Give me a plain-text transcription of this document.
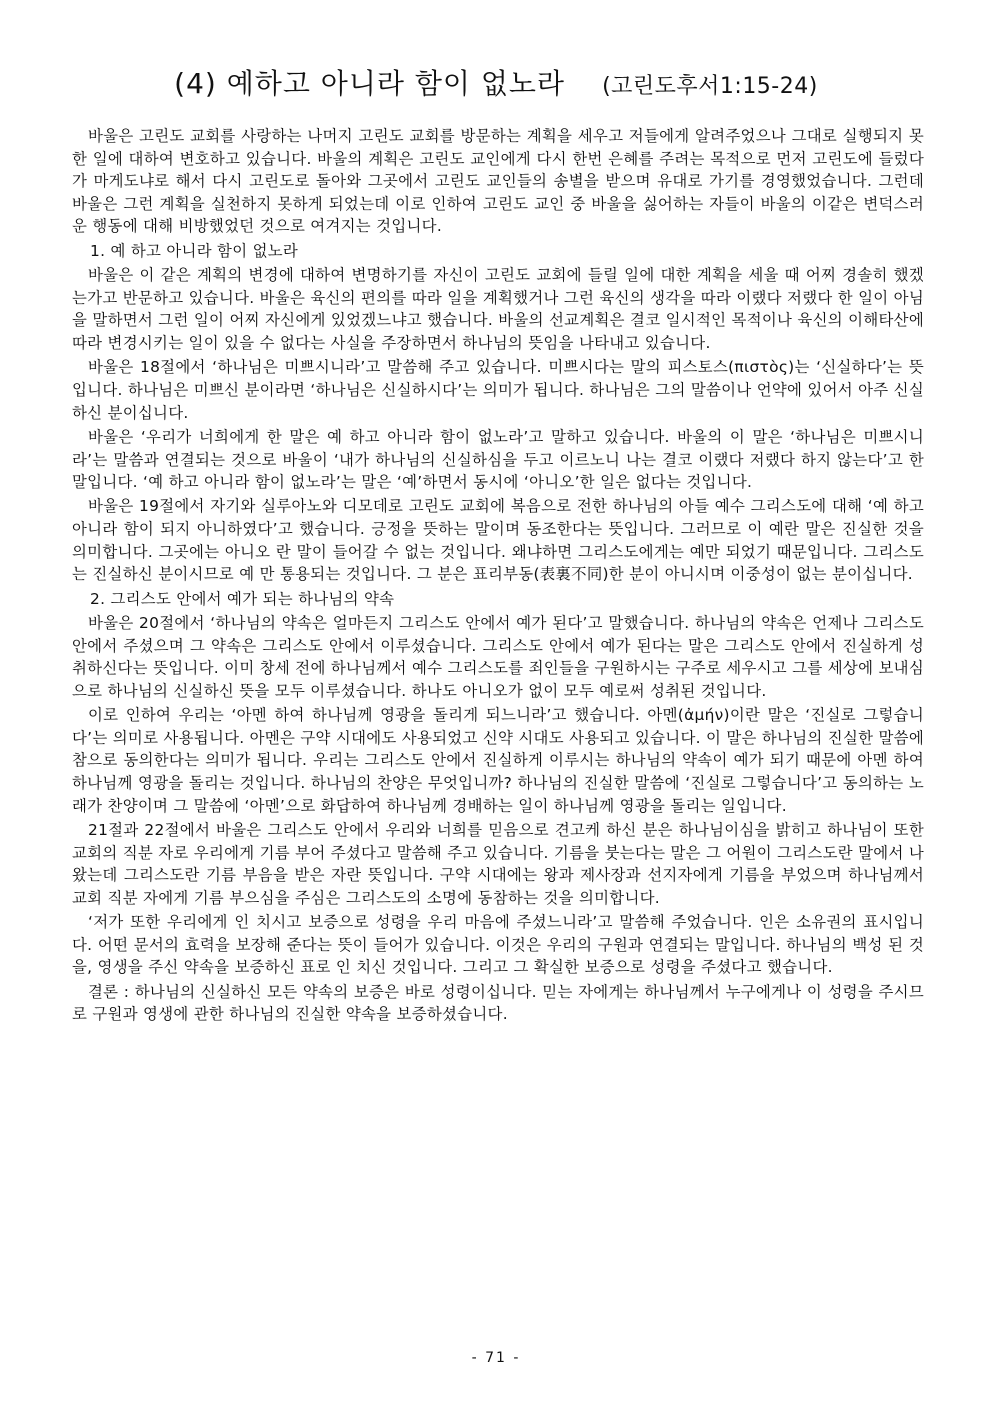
(4) 예하고 아니라 함이 없노라 (고린도후서1:15-24)

바울은 고린도 교회를 사랑하는 나머지 고린도 교회를 방문하는 계획을 세우고 저들에게 알려주었으나 그대로 실행되지 못한 일에 대하여 변호하고 있습니다. 바울의 계획은 고린도 교인에게 다시 한번 은혜를 주려는 목적으로 먼저 고린도에 들렀다가 마게도냐로 해서 다시 고린도로 돌아와 그곳에서 고린도 교인들의 송별을 받으며 유대로 가기를 경영했었습니다. 그런데 바울은 그런 계획을 실천하지 못하게 되었는데 이로 인하여 고린도 교인 중 바울을 싫어하는 자들이 바울의 이같은 변덕스러운 행동에 대해 비방했었던 것으로 여겨지는 것입니다.

1. 예 하고 아니라 함이 없노라

바울은 이 같은 계획의 변경에 대하여 변명하기를 자신이 고린도 교회에 들릴 일에 대한 계획을 세울 때 어찌 경솔히 했겠는가고 반문하고 있습니다. 바울은 육신의 편의를 따라 일을 계획했거나 그런 육신의 생각을 따라 이랬다 저랬다 한 일이 아님을 말하면서 그런 일이 어찌 자신에게 있었겠느냐고 했습니다. 바울의 선교계획은 결코 일시적인 목적이나 육신의 이해타산에 따라 변경시키는 일이 있을 수 없다는 사실을 주장하면서 하나님의 뜻임을 나타내고 있습니다.

바울은 18절에서 ‘하나님은 미쁘시니라’고 말씀해 주고 있습니다. 미쁘시다는 말의 피스토스(πιστὸς)는 ‘신실하다’는 뜻입니다. 하나님은 미쁘신 분이라면 ‘하나님은 신실하시다’는 의미가 됩니다. 하나님은 그의 말씀이나 언약에 있어서 아주 신실하신 분이십니다.

바울은 ‘우리가 너희에게 한 말은 예 하고 아니라 함이 없노라’고 말하고 있습니다. 바울의 이 말은 ‘하나님은 미쁘시니라’는 말씀과 연결되는 것으로 바울이 ‘내가 하나님의 신실하심을 두고 이르노니 나는 결코 이랬다 저랬다 하지 않는다’고 한 말입니다. ‘예 하고 아니라 함이 없노라’는 말은 ‘예’하면서 동시에 ‘아니오’한 일은 없다는 것입니다.

바울은 19절에서 자기와 실루아노와 디모데로 고린도 교회에 복음으로 전한 하나님의 아들 예수 그리스도에 대해 ‘예 하고 아니라 함이 되지 아니하였다’고 했습니다. 긍정을 뜻하는 말이며 동조한다는 뜻입니다. 그러므로 이 예란 말은 진실한 것을 의미합니다. 그곳에는 아니오 란 말이 들어갈 수 없는 것입니다. 왜냐하면 그리스도에게는 예만 되었기 때문입니다. 그리스도는 진실하신 분이시므로 예 만 통용되는 것입니다. 그 분은 표리부동(表裏不同)한 분이 아니시며 이중성이 없는 분이십니다.

2. 그리스도 안에서 예가 되는 하나님의 약속

바울은 20절에서 ‘하나님의 약속은 얼마든지 그리스도 안에서 예가 된다’고 말했습니다. 하나님의 약속은 언제나 그리스도 안에서 주셨으며 그 약속은 그리스도 안에서 이루셨습니다. 그리스도 안에서 예가 된다는 말은 그리스도 안에서 진실하게 성취하신다는 뜻입니다. 이미 창세 전에 하나님께서 예수 그리스도를 죄인들을 구원하시는 구주로 세우시고 그를 세상에 보내심으로 하나님의 신실하신 뜻을 모두 이루셨습니다. 하나도 아니오가 없이 모두 예로써 성취된 것입니다.

이로 인하여 우리는 ‘아멘 하여 하나님께 영광을 돌리게 되느니라’고 했습니다. 아멘(ἀμήν)이란 말은 ‘진실로 그렇습니다’는 의미로 사용됩니다. 아멘은 구약 시대에도 사용되었고 신약 시대도 사용되고 있습니다. 이 말은 하나님의 진실한 말씀에 참으로 동의한다는 의미가 됩니다. 우리는 그리스도 안에서 진실하게 이루시는 하나님의 약속이 예가 되기 때문에 아멘 하여 하나님께 영광을 돌리는 것입니다. 하나님의 찬양은 무엇입니까? 하나님의 진실한 말씀에 ‘진실로 그렇습니다’고 동의하는 노래가 찬양이며 그 말씀에 ‘아멘’으로 화답하여 하나님께 경배하는 일이 하나님께 영광을 돌리는 일입니다.

21절과 22절에서 바울은 그리스도 안에서 우리와 너희를 믿음으로 견고케 하신 분은 하나님이심을 밝히고 하나님이 또한 교회의 직분 자로 우리에게 기름 부어 주셨다고 말씀해 주고 있습니다. 기름을 붓는다는 말은 그 어원이 그리스도란 말에서 나왔는데 그리스도란 기름 부음을 받은 자란 뜻입니다. 구약 시대에는 왕과 제사장과 선지자에게 기름을 부었으며 하나님께서 교회 직분 자에게 기름 부으심을 주심은 그리스도의 소명에 동참하는 것을 의미합니다.

‘저가 또한 우리에게 인 치시고 보증으로 성령을 우리 마음에 주셨느니라’고 말씀해 주었습니다. 인은 소유권의 표시입니다. 어떤 문서의 효력을 보장해 준다는 뜻이 들어가 있습니다. 이것은 우리의 구원과 연결되는 말입니다. 하나님의 백성 된 것을, 영생을 주신 약속을 보증하신 표로 인 치신 것입니다. 그리고 그 확실한 보증으로 성령을 주셨다고 했습니다.

결론 : 하나님의 신실하신 모든 약속의 보증은 바로 성령이십니다. 믿는 자에게는 하나님께서 누구에게나 이 성령을 주시므로 구원과 영생에 관한 하나님의 진실한 약속을 보증하셨습니다.

- 71 -
